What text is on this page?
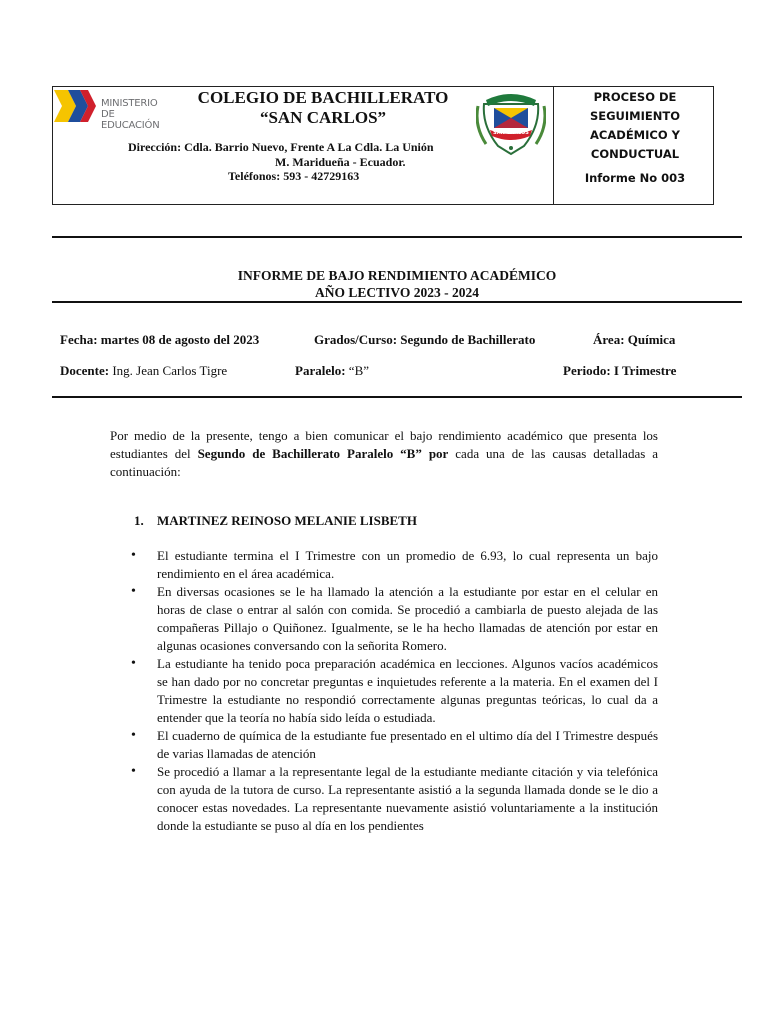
MINISTERIO DE EDUCACIÓN
COLEGIO DE BACHILLERATO
“SAN CARLOS”
Dirección: Cdla. Barrio Nuevo, Frente A La Cdla. La Unión
M. Maridueña - Ecuador.
Teléfonos: 593 - 42729163
SAN CARLOS
PROCESO DE
SEGUIMIENTO
ACADÉMICO Y
CONDUCTUAL
Informe No 003
INFORME DE BAJO RENDIMIENTO ACADÉMICO
AÑO LECTIVO 2023 - 2024
Fecha: martes 08 de agosto del 2023	Grados/Curso: Segundo de Bachillerato	Área: Química
Docente: Ing. Jean Carlos Tigre	Paralelo: “B”	Periodo: I Trimestre
Por medio de la presente, tengo a bien comunicar el bajo rendimiento académico que presenta los estudiantes del Segundo de Bachillerato Paralelo “B” por cada una de las causas detalladas a continuación:
1. MARTINEZ REINOSO MELANIE LISBETH
• El estudiante termina el I Trimestre con un promedio de 6.93, lo cual representa un bajo rendimiento en el área académica.
• En diversas ocasiones se le ha llamado la atención a la estudiante por estar en el celular en horas de clase o entrar al salón con comida. Se procedió a cambiarla de puesto alejada de las compañeras Pillajo o Quiñonez. Igualmente, se le ha hecho llamadas de atención por estar en algunas ocasiones conversando con la señorita Romero.
• La estudiante ha tenido poca preparación académica en lecciones. Algunos vacíos académicos se han dado por no concretar preguntas e inquietudes referente a la materia. En el examen del I Trimestre la estudiante no respondió correctamente algunas preguntas teóricas, lo cual da a entender que la teoría no había sido leída o estudiada.
• El cuaderno de química de la estudiante fue presentado en el ultimo día del I Trimestre después de varias llamadas de atención
• Se procedió a llamar a la representante legal de la estudiante mediante citación y via telefónica con ayuda de la tutora de curso. La representante asistió a la segunda llamada donde se le dio a conocer estas novedades. La representante nuevamente asistió voluntariamente a la institución donde la estudiante se puso al día en los pendientes
